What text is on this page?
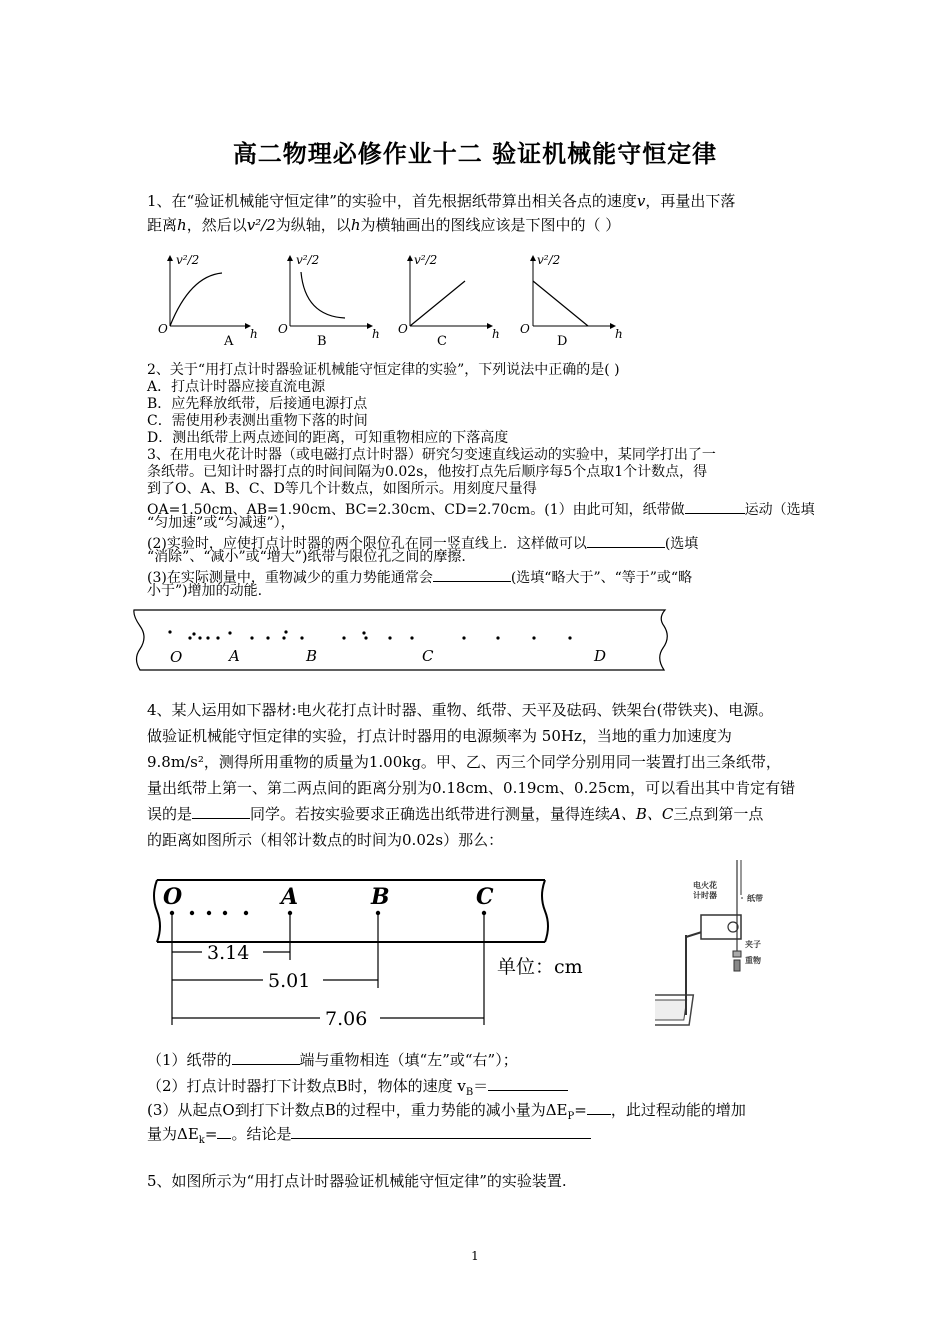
高二物理必修作业十二 验证机械能守恒定律
1、在“验证机械能守恒定律”的实验中，首先根据纸带算出相关各点的速度v，再量出下落
距离h，然后以v²/2为纵轴，以h为横轴画出的图线应该是下图中的（ ）
v²/2
h
O
A
v²/2
h
O
B
v²/2
h
O
C
v²/2
h
O
D
2、关于“用打点计时器验证机械能守恒定律的实验”，下列说法中正确的是( )
A．打点计时器应接直流电源
B．应先释放纸带，后接通电源打点
C．需使用秒表测出重物下落的时间
D．测出纸带上两点迹间的距离，可知重物相应的下落高度
3、在用电火花计时器（或电磁打点计时器）研究匀变速直线运动的实验中，某同学打出了一
条纸带。已知计时器打点的时间间隔为0.02s，他按打点先后顺序每5个点取1个计数点，得
到了O、A、B、C、D等几个计数点，如图所示。用刻度尺量得
OA=1.50cm、AB=1.90cm、BC=2.30cm、CD=2.70cm。(1）由此可知，纸带做	运动（选填
“匀加速”或“匀减速”），
(2)实验时，应使打点计时器的两个限位孔在同一竖直线上．这样做可以	(选填
“消除”、“减小”或“增大”)纸带与限位孔之间的摩擦.
(3)在实际测量中，重物减少的重力势能通常会	(选填“略大于”、“等于”或“略
小于”)增加的动能.
O	A	B	C	D
4、某人运用如下器材:电火花打点计时器、重物、纸带、天平及砝码、铁架台(带铁夹)、电源。
做验证机械能守恒定律的实验，打点计时器用的电源频率为 50Hz，当地的重力加速度为
9.8m/s²，测得所用重物的质量为1.00kg。甲、乙、丙三个同学分别用同一装置打出三条纸带，
量出纸带上第一、第二两点间的距离分别为0.18cm、0.19cm、0.25cm，可以看出其中肯定有错
误的是	同学。若按实验要求正确选出纸带进行测量，量得连续A、B、C三点到第一点
的距离如图所示（相邻计数点的时间为0.02s）那么：
O	A	B	C
3.14
5.01
7.06
单位：cm
电火花
计时器	纸带
夹子
重物
（1）纸带的	端与重物相连（填“左”或“右”）；
（2）打点计时器打下计数点B时，物体的速度 $v_B=$
(3）从起点O到打下计数点B的过程中，重力势能的减小量为$\Delta E_P=$ ，此过程动能的增加
量为$\Delta E_k=$ 。结论是
5、如图所示为“用打点计时器验证机械能守恒定律”的实验装置.
1
